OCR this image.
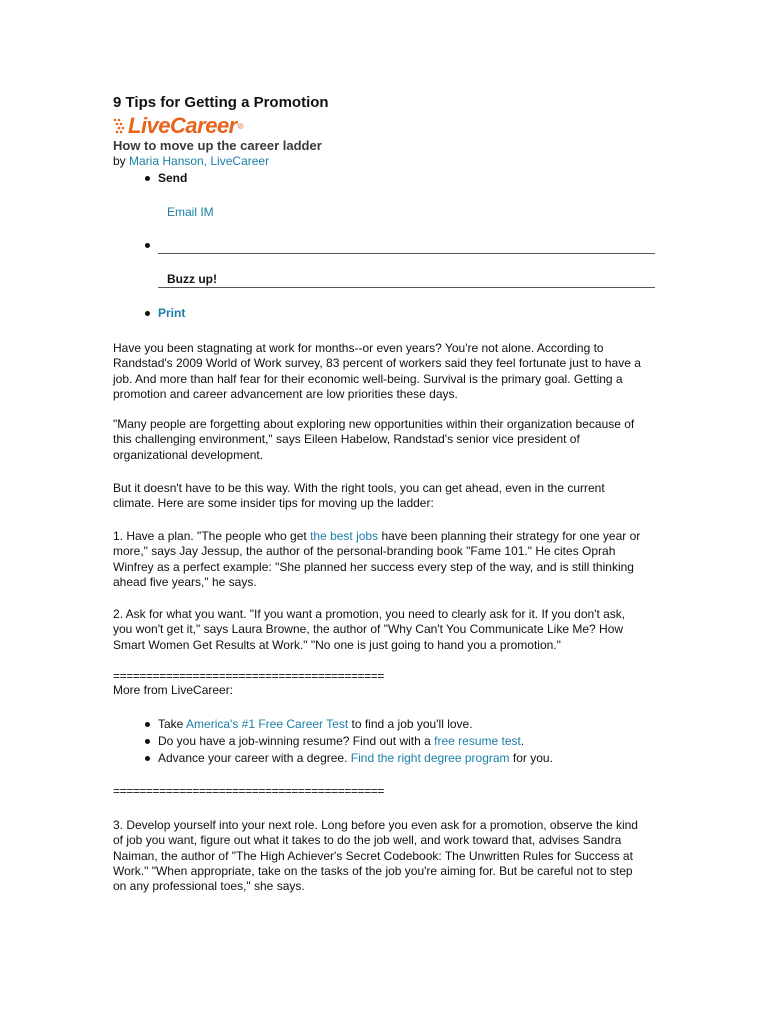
9 Tips for Getting a Promotion
LiveCareer ®
How to move up the career ladder
by Maria Hanson, LiveCareer
Send
Email IM
Buzz up!
Print

Have you been stagnating at work for months--or even years? You're not alone. According to Randstad's 2009 World of Work survey, 83 percent of workers said they feel fortunate just to have a job. And more than half fear for their economic well-being. Survival is the primary goal. Getting a promotion and career advancement are low priorities these days.

"Many people are forgetting about exploring new opportunities within their organization because of this challenging environment," says Eileen Habelow, Randstad's senior vice president of organizational development.

But it doesn't have to be this way. With the right tools, you can get ahead, even in the current climate. Here are some insider tips for moving up the ladder:

1. Have a plan. "The people who get the best jobs have been planning their strategy for one year or more," says Jay Jessup, the author of the personal-branding book "Fame 101." He cites Oprah Winfrey as a perfect example: "She planned her success every step of the way, and is still thinking ahead five years," he says.

2. Ask for what you want. "If you want a promotion, you need to clearly ask for it. If you don't ask, you won't get it," says Laura Browne, the author of "Why Can't You Communicate Like Me? How Smart Women Get Results at Work." "No one is just going to hand you a promotion."

=========================================
More from LiveCareer:
Take America's #1 Free Career Test to find a job you'll love.
Do you have a job-winning resume? Find out with a free resume test.
Advance your career with a degree. Find the right degree program for you.
=========================================

3. Develop yourself into your next role. Long before you even ask for a promotion, observe the kind of job you want, figure out what it takes to do the job well, and work toward that, advises Sandra Naiman, the author of "The High Achiever's Secret Codebook: The Unwritten Rules for Success at Work." "When appropriate, take on the tasks of the job you're aiming for. But be careful not to step on any professional toes," she says.
